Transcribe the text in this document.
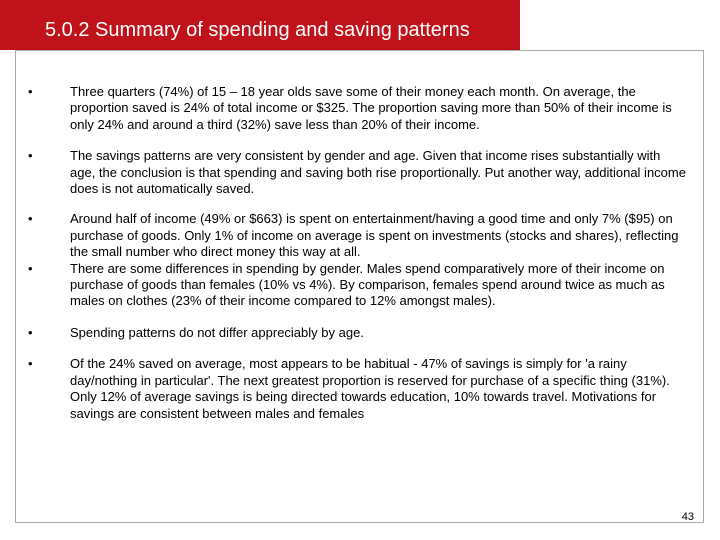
5.0.2 Summary of spending and saving patterns
•	Three quarters (74%) of 15 – 18 year olds save some of their money each month. On average, the proportion saved is 24% of total income or $325. The proportion saving more than 50% of their income is only 24% and around a third (32%) save less than 20% of their income.
•	The savings patterns are very consistent by gender and age. Given that income rises substantially with age, the conclusion is that spending and saving both rise proportionally. Put another way, additional income does is not automatically saved.
•	Around half of income (49% or $663) is spent on entertainment/having a good time and only 7% ($95) on purchase of goods. Only 1% of income on average is spent on investments (stocks and shares), reflecting the small number who direct money this way at all.
•	There are some differences in spending by gender. Males spend comparatively more of their income on purchase of goods than females (10% vs 4%). By comparison, females spend around twice as much as males on clothes (23% of their income compared to 12% amongst males).
•	Spending patterns do not differ appreciably by age.
•	Of the 24% saved on average, most appears to be habitual - 47% of savings is simply for 'a rainy day/nothing in particular'. The next greatest proportion is reserved for purchase of a specific thing (31%). Only 12% of average savings is being directed towards education, 10% towards travel. Motivations for savings are consistent between males and females
43
